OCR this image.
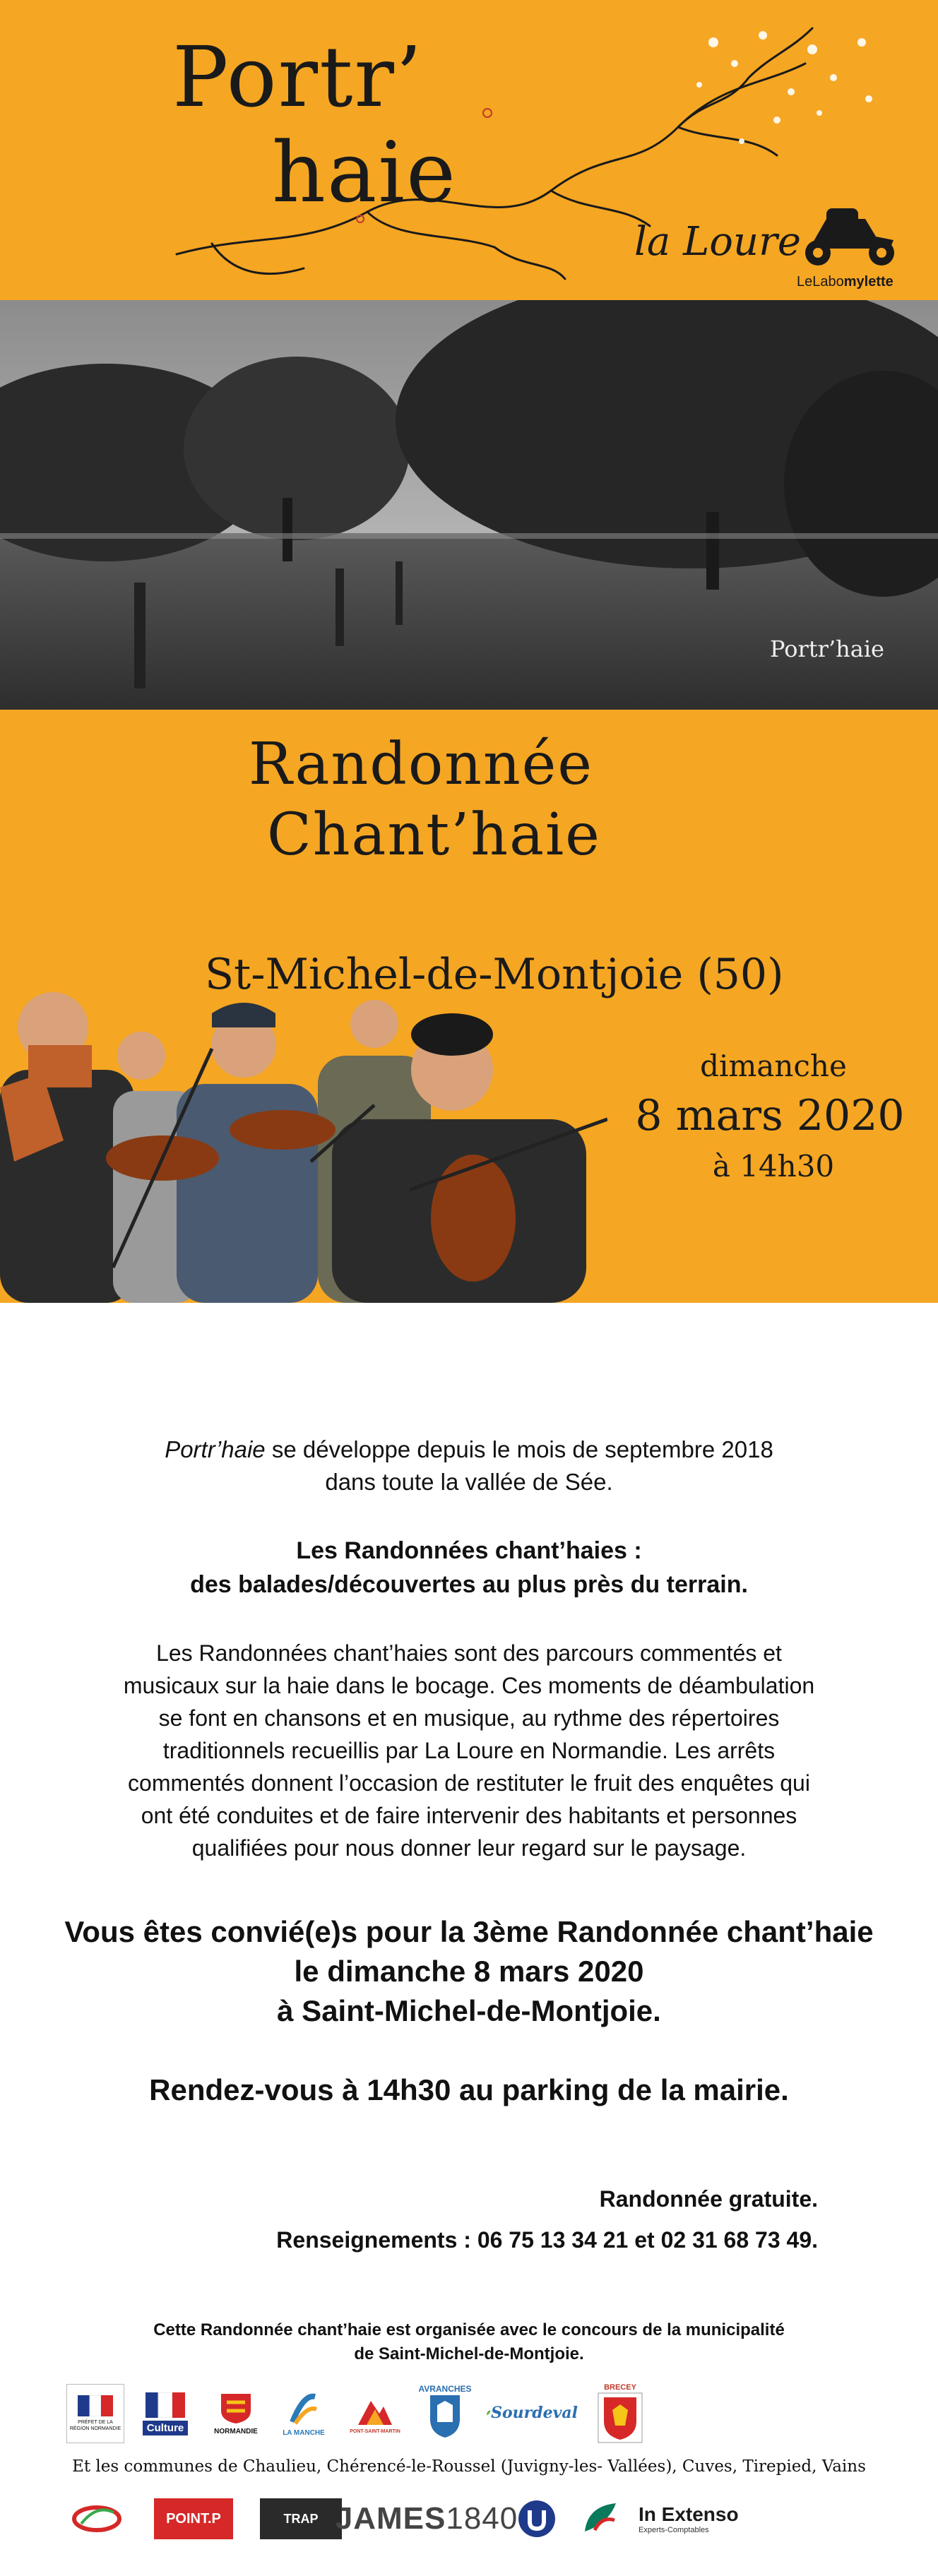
Portr’
haie
la Loure
LeLabomylette
Portr’haie
Randonnée
Chant’haie
St-Michel-de-Montjoie (50)
dimanche
8 mars 2020
à 14h30
Portr’haie se développe depuis le mois de septembre 2018
dans toute la vallée de Sée.
Les Randonnées chant’haies :
des balades/découvertes au plus près du terrain.
Les Randonnées chant’haies sont des parcours commentés et
musicaux sur la haie dans le bocage. Ces moments de déambulation
se font en chansons et en musique, au rythme des répertoires
traditionnels recueillis par La Loure en Normandie. Les arrêts
commentés donnent l’occasion de restituter le fruit des enquêtes qui
ont été conduites et de faire intervenir des habitants et personnes
qualifiées pour nous donner leur regard sur le paysage.
Vous êtes convié(e)s pour la 3ème Randonnée chant’haie
le dimanche 8 mars 2020
à Saint-Michel-de-Montjoie.
Rendez-vous à 14h30 au parking de la mairie.
Randonnée gratuite.
Renseignements : 06 75 13 34 21 et 02 31 68 73 49.
Cette Randonnée chant’haie est organisée avec le concours de la municipalité
de Saint-Michel-de-Montjoie.
PRÉFET DE LA RÉGION NORMANDIE	Culture	NORMANDIE	LA MANCHE	PONT-SAINT-MARTIN
AVRANCHES
Sourdeval
BRECEY
Et les communes de Chaulieu, Chérencé-le-Roussel (Juvigny-les- Vallées), Cuves, Tirepied, Vains
POINT.P	TRAP JAMES 1840	In Extenso
Experts-Comptables
